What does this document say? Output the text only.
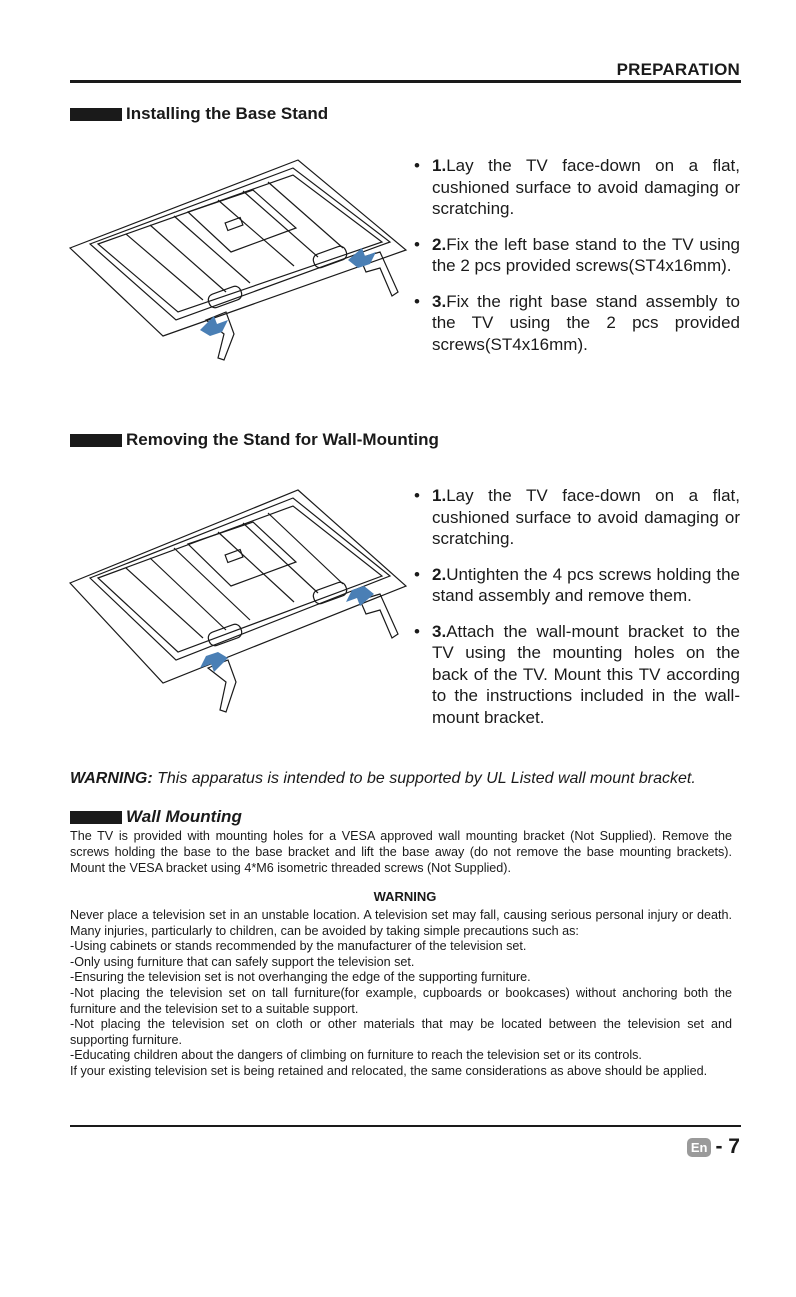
PREPARATION
Installing the Base Stand
• 1.Lay the TV face-down on a flat, cushioned surface to avoid damaging or scratching.
• 2.Fix the left base stand to the TV using the 2 pcs provided screws(ST4x16mm).
• 3.Fix the right base stand assembly to the TV using the 2 pcs provided screws(ST4x16mm).
Removing the Stand for Wall-Mounting
• 1.Lay the TV face-down on a flat, cushioned surface to avoid damaging or scratching.
• 2.Untighten the 4 pcs screws holding the stand assembly and remove them.
• 3.Attach the wall-mount bracket to the TV using the mounting holes on the back of the TV. Mount this TV according to the instructions included in the wall-mount bracket.
WARNING: This apparatus is intended to be supported by UL Listed wall mount bracket.
Wall Mounting
The TV is provided with mounting holes for a VESA approved wall mounting bracket (Not Supplied). Remove the screws holding the base to the base bracket and lift the base away (do not remove the base mounting brackets). Mount the VESA bracket using 4*M6 isometric threaded screws (Not Supplied).
WARNING

Never place a television set in an unstable location. A television set may fall, causing serious personal injury or death. Many injuries, particularly to children, can be avoided by taking simple precautions such as:

-Using cabinets or stands recommended by the manufacturer of the television set.

-Only using furniture that can safely support the television set.

-Ensuring the television set is not overhanging the edge of the supporting furniture.

-Not placing the television set on tall furniture(for example, cupboards or bookcases) without anchoring both the furniture and the television set to a suitable support.

-Not placing the television set on cloth or other materials that may be located between the television set and supporting furniture.

-Educating children about the dangers of climbing on furniture to reach the television set or its controls.

If your existing television set is being retained and relocated, the same considerations as above should be applied.

En - 7
